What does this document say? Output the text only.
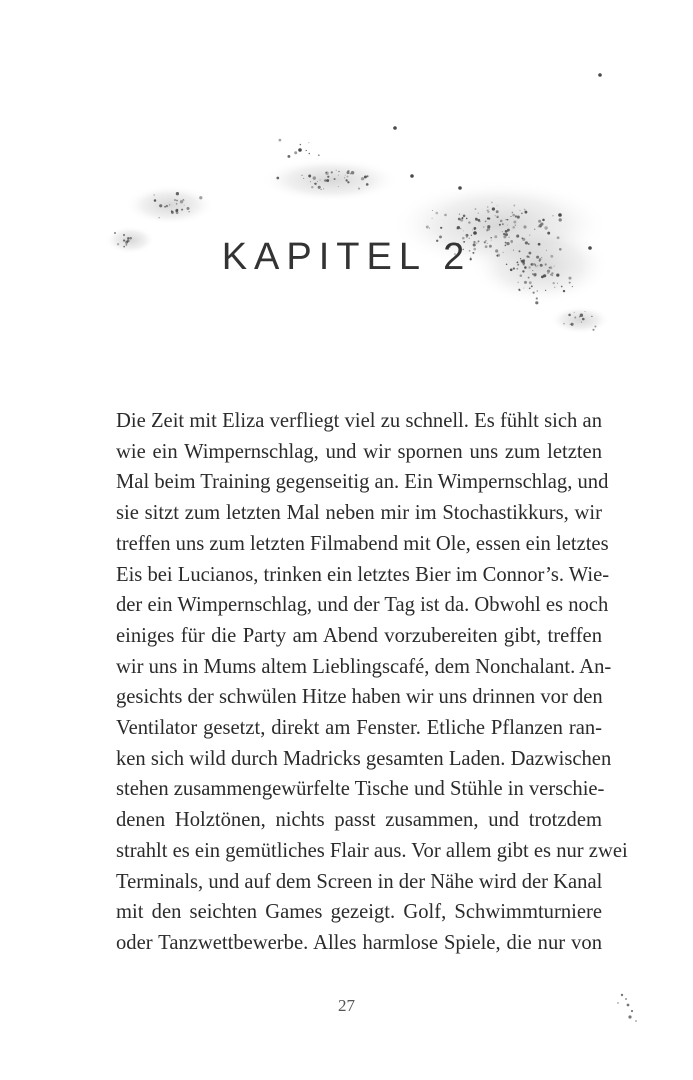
KAPITEL 2
Die Zeit mit Eliza verfliegt viel zu schnell. Es fühlt sich an
wie ein Wimpernschlag, und wir spornen uns zum letzten
Mal beim Training gegenseitig an. Ein Wimpernschlag, und
sie sitzt zum letzten Mal neben mir im Stochastikkurs, wir
treffen uns zum letzten Filmabend mit Ole, essen ein letztes
Eis bei Lucianos, trinken ein letztes Bier im Connor’s. Wie-
der ein Wimpernschlag, und der Tag ist da. Obwohl es noch
einiges für die Party am Abend vorzubereiten gibt, treffen
wir uns in Mums altem Lieblingscafé, dem Nonchalant. An-
gesichts der schwülen Hitze haben wir uns drinnen vor den
Ventilator gesetzt, direkt am Fenster. Etliche Pflanzen ran-
ken sich wild durch Madricks gesamten Laden. Dazwischen
stehen zusammengewürfelte Tische und Stühle in verschie-
denen Holztönen, nichts passt zusammen, und trotzdem
strahlt es ein gemütliches Flair aus. Vor allem gibt es nur zwei
Terminals, und auf dem Screen in der Nähe wird der Kanal
mit den seichten Games gezeigt. Golf, Schwimmturniere
oder Tanzwettbewerbe. Alles harmlose Spiele, die nur von
27
